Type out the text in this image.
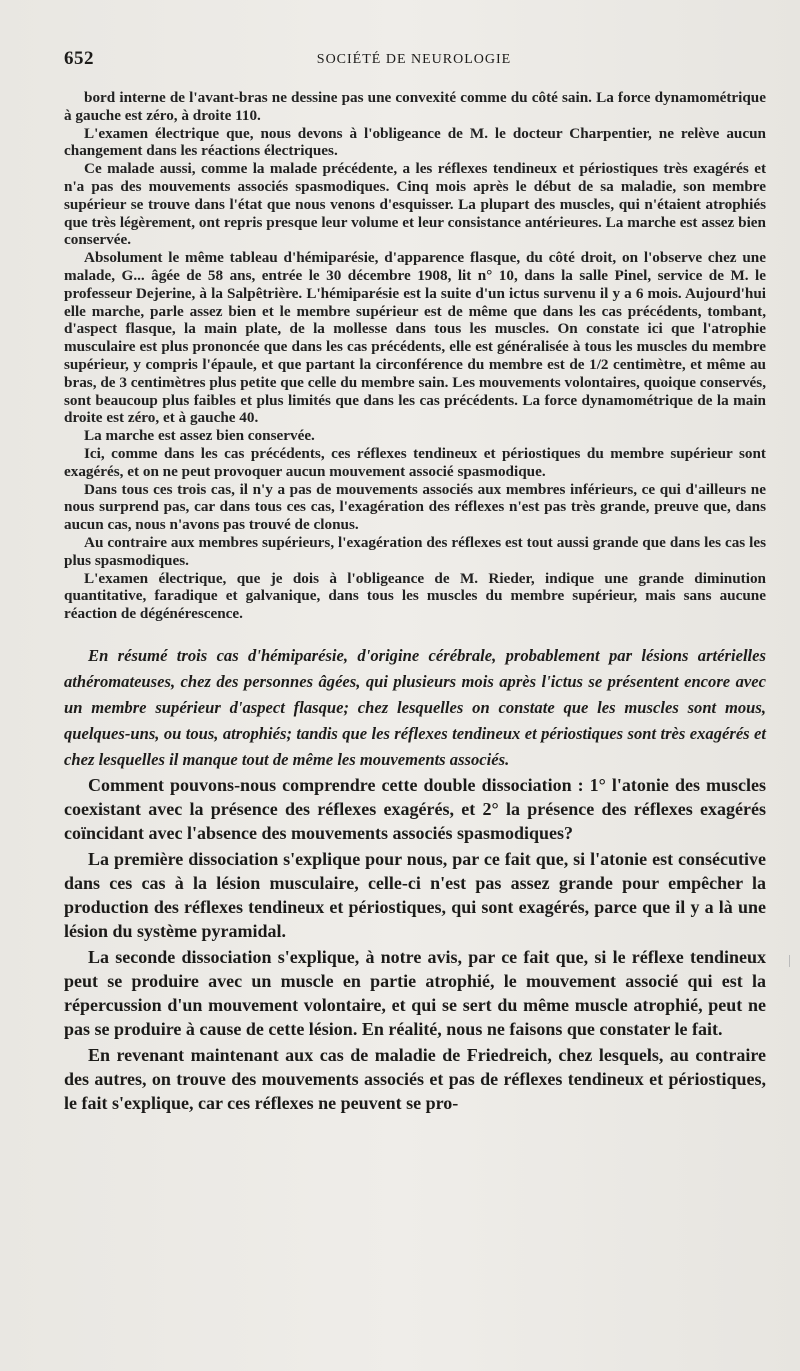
652	SOCIÉTÉ DE NEUROLOGIE

bord interne de l'avant-bras ne dessine pas une convexité comme du côté sain. La force dynamométrique à gauche est zéro, à droite 110.

L'examen électrique que, nous devons à l'obligeance de M. le docteur Charpentier, ne relève aucun changement dans les réactions électriques.

Ce malade aussi, comme la malade précédente, a les réflexes tendineux et périostiques très exagérés et n'a pas des mouvements associés spasmodiques. Cinq mois après le début de sa maladie, son membre supérieur se trouve dans l'état que nous venons d'esquisser. La plupart des muscles, qui n'étaient atrophiés que très légèrement, ont repris presque leur volume et leur consistance antérieures. La marche est assez bien conservée.

Absolument le même tableau d'hémiparésie, d'apparence flasque, du côté droit, on l'observe chez une malade, G... âgée de 58 ans, entrée le 30 décembre 1908, lit n° 10, dans la salle Pinel, service de M. le professeur Dejerine, à la Salpêtrière. L'hémiparésie est la suite d'un ictus survenu il y a 6 mois. Aujourd'hui elle marche, parle assez bien et le membre supérieur est de même que dans les cas précédents, tombant, d'aspect flasque, la main plate, de la mollesse dans tous les muscles. On constate ici que l'atrophie musculaire est plus prononcée que dans les cas précédents, elle est généralisée à tous les muscles du membre supérieur, y compris l'épaule, et que partant la circonférence du membre est de 1/2 centimètre, et même au bras, de 3 centimètres plus petite que celle du membre sain. Les mouvements volontaires, quoique conservés, sont beaucoup plus faibles et plus limités que dans les cas précédents. La force dynamométrique de la main droite est zéro, et à gauche 40.

La marche est assez bien conservée.

Ici, comme dans les cas précédents, ces réflexes tendineux et périostiques du membre supérieur sont exagérés, et on ne peut provoquer aucun mouvement associé spasmodique.

Dans tous ces trois cas, il n'y a pas de mouvements associés aux membres inférieurs, ce qui d'ailleurs ne nous surprend pas, car dans tous ces cas, l'exagération des réflexes n'est pas très grande, preuve que, dans aucun cas, nous n'avons pas trouvé de clonus.

Au contraire aux membres supérieurs, l'exagération des réflexes est tout aussi grande que dans les cas les plus spasmodiques.

L'examen électrique, que je dois à l'obligeance de M. Rieder, indique une grande diminution quantitative, faradique et galvanique, dans tous les muscles du membre supérieur, mais sans aucune réaction de dégénérescence.

En résumé trois cas d'hémiparésie, d'origine cérébrale, probablement par lésions artérielles athéromateuses, chez des personnes âgées, qui plusieurs mois après l'ictus se présentent encore avec un membre supérieur d'aspect flasque; chez lesquelles on constate que les muscles sont mous, quelques-uns, ou tous, atrophiés; tandis que les réflexes tendineux et périostiques sont très exagérés et chez lesquelles il manque tout de même les mouvements associés.

Comment pouvons-nous comprendre cette double dissociation : 1° l'atonie des muscles coexistant avec la présence des réflexes exagérés, et 2° la présence des réflexes exagérés coïncidant avec l'absence des mouvements associés spasmodiques?

La première dissociation s'explique pour nous, par ce fait que, si l'atonie est consécutive dans ces cas à la lésion musculaire, celle-ci n'est pas assez grande pour empêcher la production des réflexes tendineux et périostiques, qui sont exagérés, parce que il y a là une lésion du système pyramidal.

La seconde dissociation s'explique, à notre avis, par ce fait que, si le réflexe tendineux peut se produire avec un muscle en partie atrophié, le mouvement associé qui est la répercussion d'un mouvement volontaire, et qui se sert du même muscle atrophié, peut ne pas se produire à cause de cette lésion. En réalité, nous ne faisons que constater le fait.

En revenant maintenant aux cas de maladie de Friedreich, chez lesquels, au contraire des autres, on trouve des mouvements associés et pas de réflexes tendineux et périostiques, le fait s'explique, car ces réflexes ne peuvent se pro-
